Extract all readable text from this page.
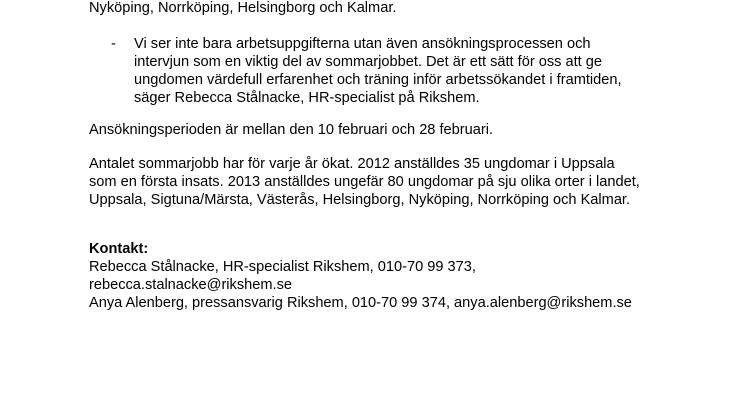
Nyköping, Norrköping, Helsingborg och Kalmar.
- Vi ser inte bara arbetsuppgifterna utan även ansökningsprocessen och
intervjun som en viktig del av sommarjobbet. Det är ett sätt för oss att ge
ungdomen värdefull erfarenhet och träning inför arbetssökandet i framtiden,
säger Rebecca Stålnacke, HR-specialist på Rikshem.
Ansökningsperioden är mellan den 10 februari och 28 februari.
Antalet sommarjobb har för varje år ökat. 2012 anställdes 35 ungdomar i Uppsala
som en första insats. 2013 anställdes ungefär 80 ungdomar på sju olika orter i landet,
Uppsala, Sigtuna/Märsta, Västerås, Helsingborg, Nyköping, Norrköping och Kalmar.
Kontakt:
Rebecca Stålnacke, HR-specialist Rikshem, 010-70 99 373,
rebecca.stalnacke@rikshem.se
Anya Alenberg, pressansvarig Rikshem, 010-70 99 374, anya.alenberg@rikshem.se
